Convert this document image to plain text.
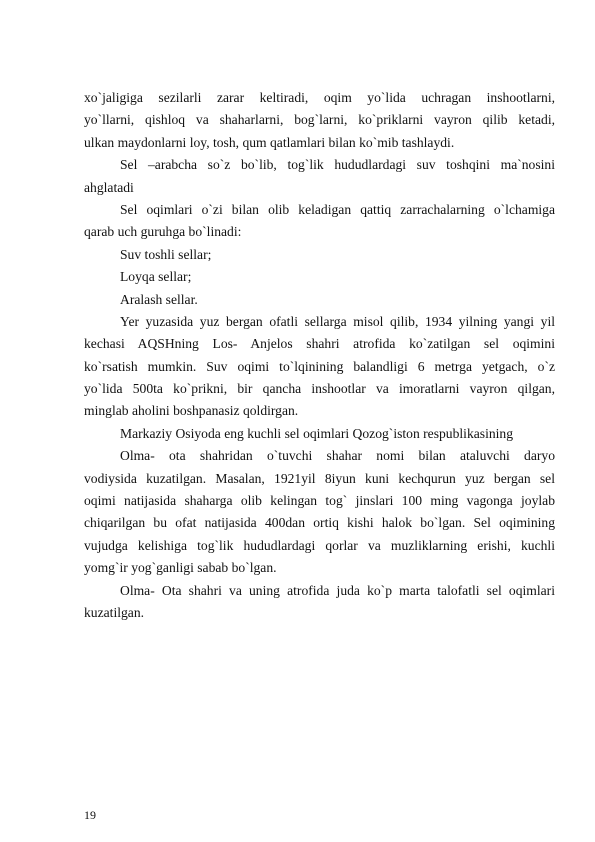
xo`jaligiga sezilarli zarar keltiradi, oqim yo`lida uchragan inshootlarni,
yo`llarni, qishloq va shaharlarni, bog`larni, ko`priklarni vayron qilib ketadi,
ulkan maydonlarni loy, tosh, qum qatlamlari bilan ko`mib tashlaydi.
Sel –arabcha so`z bo`lib, tog`lik hududlardagi suv toshqini ma`nosini
ahglatadi
Sel oqimlari o`zi bilan olib keladigan qattiq zarrachalarning o`lchamiga
qarab uch guruhga bo`linadi:
Suv toshli sellar;
Loyqa sellar;
Aralash sellar.
Yer yuzasida yuz bergan ofatli sellarga misol qilib, 1934 yilning yangi yil
kechasi AQSHning Los- Anjelos shahri atrofida ko`zatilgan sel oqimini
ko`rsatish mumkin. Suv oqimi to`lqinining balandligi 6 metrga yetgach, o`z
yo`lida 500ta ko`prikni, bir qancha inshootlar va imoratlarni vayron qilgan,
minglab aholini boshpanasiz qoldirgan.
Markaziy Osiyoda eng kuchli sel oqimlari Qozog`iston respublikasining
Olma- ota shahridan o`tuvchi shahar nomi bilan ataluvchi daryo
vodiysida kuzatilgan. Masalan, 1921yil 8iyun kuni kechqurun yuz bergan sel
oqimi natijasida shaharga olib kelingan tog` jinslari 100 ming vagonga joylab
chiqarilgan bu ofat natijasida 400dan ortiq kishi halok bo`lgan. Sel oqimining
vujudga kelishiga tog`lik hududlardagi qorlar va muzliklarning erishi, kuchli
yomg`ir yog`ganligi sabab bo`lgan.
Olma- Ota shahri va uning atrofida juda ko`p marta talofatli sel oqimlari
kuzatilgan.
19
